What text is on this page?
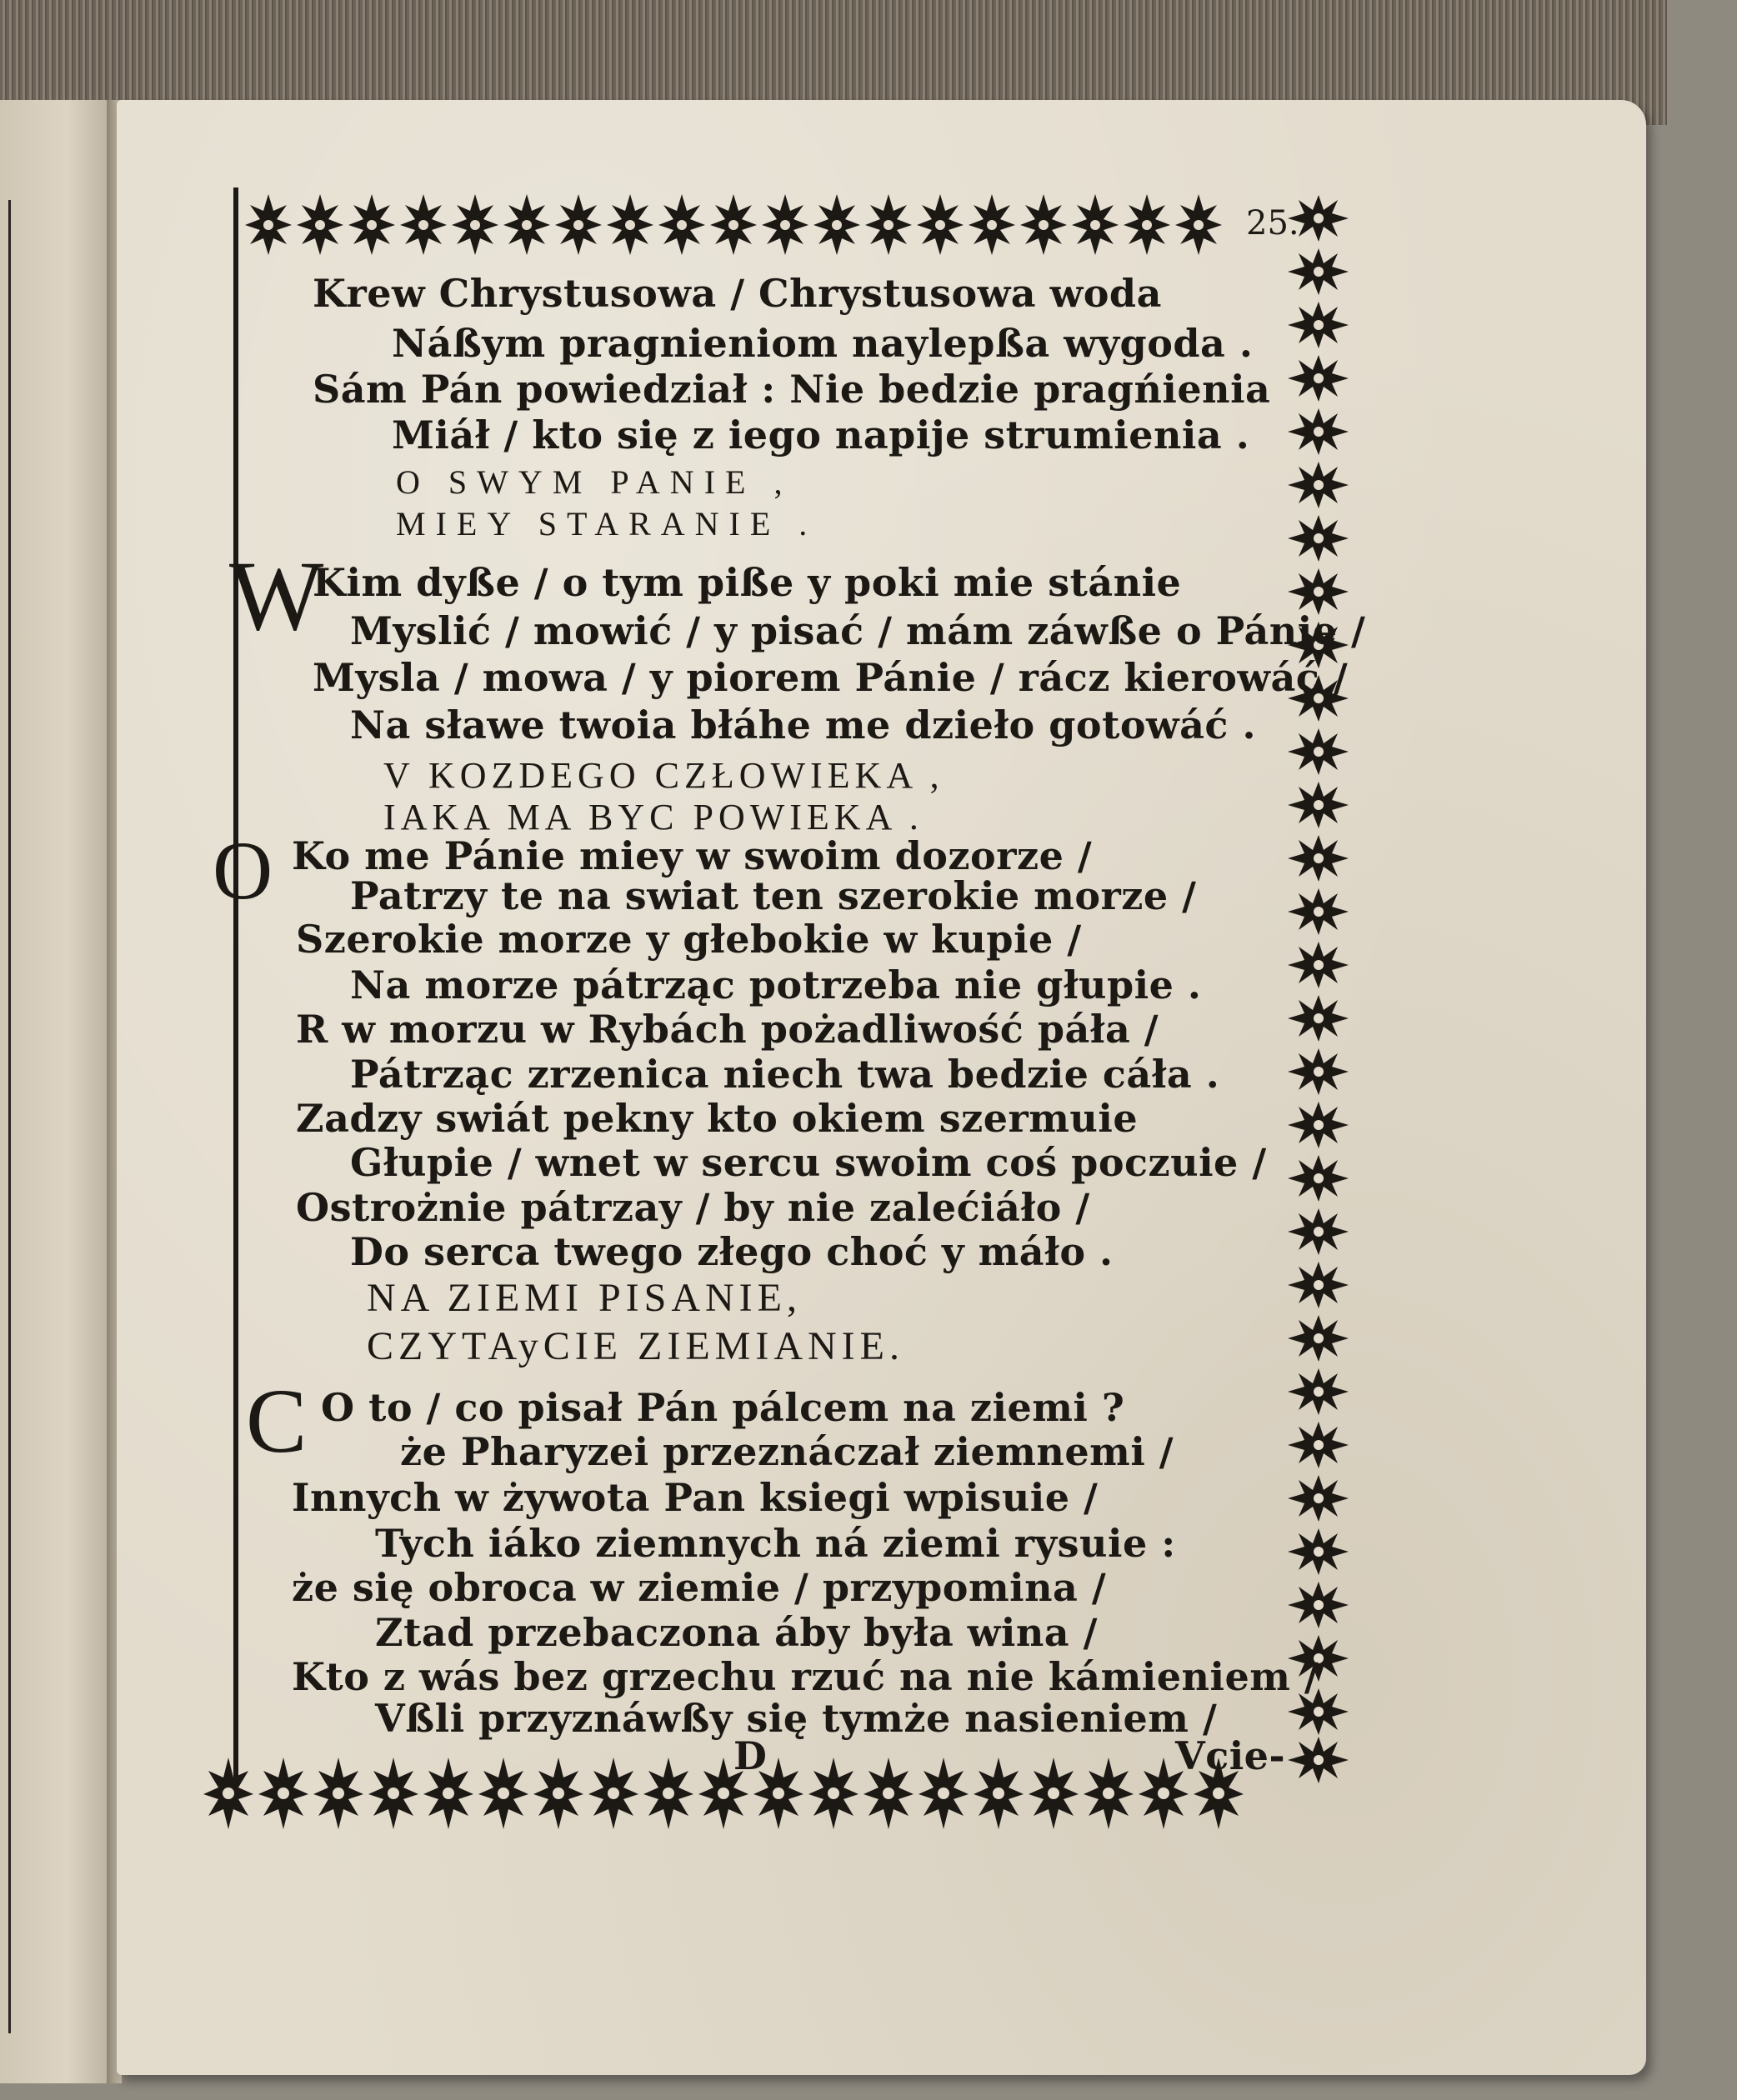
25.
Krew Chrystusowa / Chrystusowa woda
Náßym pragnieniom naylepßa wygoda .
Sám Pán powiedział : Nie bedzie pragńienia
Miáł / kto się z iego napije strumienia .
O SWYM PANIE ,
MIEY STARANIE .
W
Kim dyße / o tym piße y poki mie stánie
Myslić / mowić / y pisać / mám záwße o Pánie /
Mysla / mowa / y piorem Pánie / rácz kierowáć /
Na sławe twoia błáhe me dzieło gotowáć .
V KOZDEGO CZŁOWIEKA ,
IAKA MA BYC POWIEKA .
O Ko me Pánie miey w swoim dozorze /
Patrzy te na swiat ten szerokie morze /
Szerokie morze y głebokie w kupie /
Na morze pátrząc potrzeba nie głupie .
R w morzu w Rybách pożadliwość páła /
Pátrząc zrzenica niech twa bedzie cáła .
Zadzy swiát pekny kto okiem szermuie
Głupie / wnet w sercu swoim coś poczuie /
Ostrożnie pátrzay / by nie zalećiáło /
Do serca twego złego choć y máło .
NA ZIEMI PISANIE,
CZYTAyCIE ZIEMIANIE.
C O to / co pisał Pán pálcem na ziemi ?
że Pharyzei przeznáczał ziemnemi /
Innych w żywota Pan ksiegi wpisuie /
Tych iáko ziemnych ná ziemi rysuie :
że się obroca w ziemie / przypomina /
Ztad przebaczona áby była wina /
Kto z wás bez grzechu rzuć na nie kámieniem /
Vßli przyznáwßy się tymże nasieniem /
D	Vcie-
